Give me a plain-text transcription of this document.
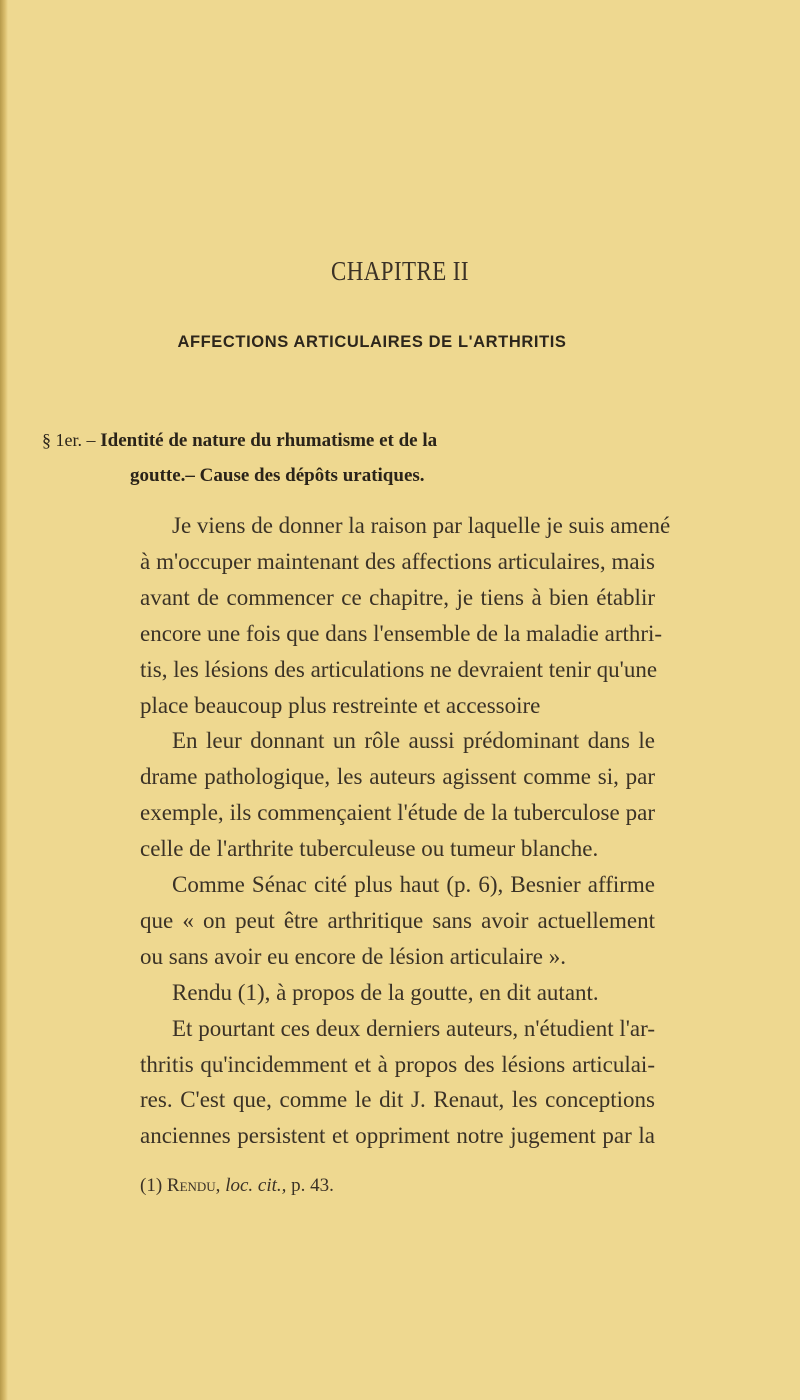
CHAPITRE II
AFFECTIONS ARTICULAIRES DE L'ARTHRITIS
§ 1er. – Identité de nature du rhumatisme et de la
goutte.– Cause des dépôts uratiques.
Je viens de donner la raison par laquelle je suis amené
à m'occuper maintenant des affections articulaires, mais
avant de commencer ce chapitre, je tiens à bien établir
encore une fois que dans l'ensemble de la maladie arthri-
tis, les lésions des articulations ne devraient tenir qu'une
place beaucoup plus restreinte et accessoire
En leur donnant un rôle aussi prédominant dans le
drame pathologique, les auteurs agissent comme si, par
exemple, ils commençaient l'étude de la tuberculose par
celle de l'arthrite tuberculeuse ou tumeur blanche.
Comme Sénac cité plus haut (p. 6), Besnier affirme
que « on peut être arthritique sans avoir actuellement
ou sans avoir eu encore de lésion articulaire ».
Rendu (1), à propos de la goutte, en dit autant.
Et pourtant ces deux derniers auteurs, n'étudient l'ar-
thritis qu'incidemment et à propos des lésions articulai-
res. C'est que, comme le dit J. Renaut, les conceptions
anciennes persistent et oppriment notre jugement par la
(1) Rendu, loc. cit., p. 43.
